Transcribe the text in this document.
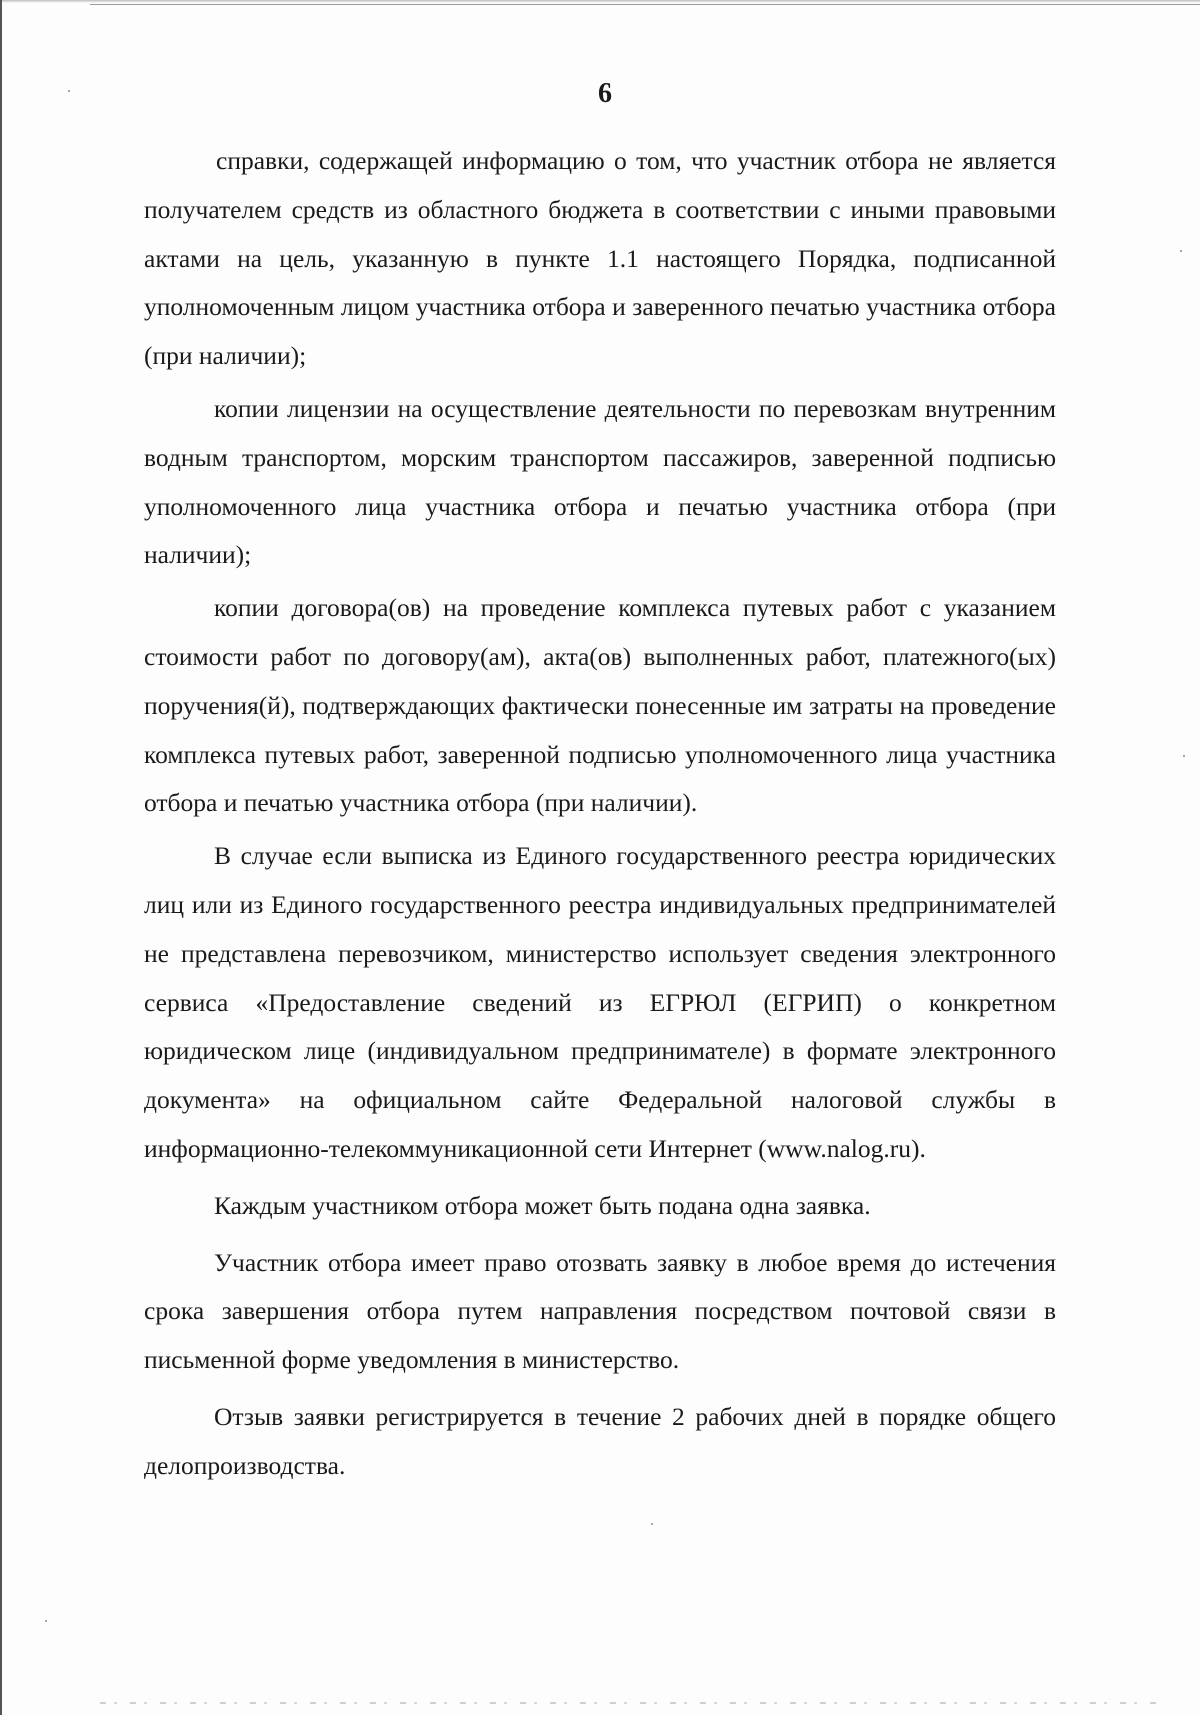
6

справки, содержащей информацию о том, что участник отбора не является получателем средств из областного бюджета в соответствии с иными правовыми актами на цель, указанную в пункте 1.1 настоящего Порядка, подписанной уполномоченным лицом участника отбора и заверенного печатью участника отбора (при наличии);

копии лицензии на осуществление деятельности по перевозкам внутренним водным транспортом, морским транспортом пассажиров, заверенной подписью уполномоченного лица участника отбора и печатью участника отбора (при наличии);

копии договора(ов) на проведение комплекса путевых работ с указанием стоимости работ по договору(ам), акта(ов) выполненных работ, платежного(ых) поручения(й), подтверждающих фактически понесенные им затраты на проведение комплекса путевых работ, заверенной подписью уполномоченного лица участника отбора и печатью участника отбора (при наличии).

В случае если выписка из Единого государственного реестра юридических лиц или из Единого государственного реестра индивидуальных предпринимателей не представлена перевозчиком, министерство использует сведения электронного сервиса «Предоставление сведений из ЕГРЮЛ (ЕГРИП) о конкретном юридическом лице (индивидуальном предпринимателе) в формате электронного документа» на официальном сайте Федеральной налоговой службы в информационно-телекоммуникационной сети Интернет (www.nalog.ru).

Каждым участником отбора может быть подана одна заявка.

Участник отбора имеет право отозвать заявку в любое время до истечения срока завершения отбора путем направления посредством почтовой связи в письменной форме уведомления в министерство.

Отзыв заявки регистрируется в течение 2 рабочих дней в порядке общего делопроизводства.
